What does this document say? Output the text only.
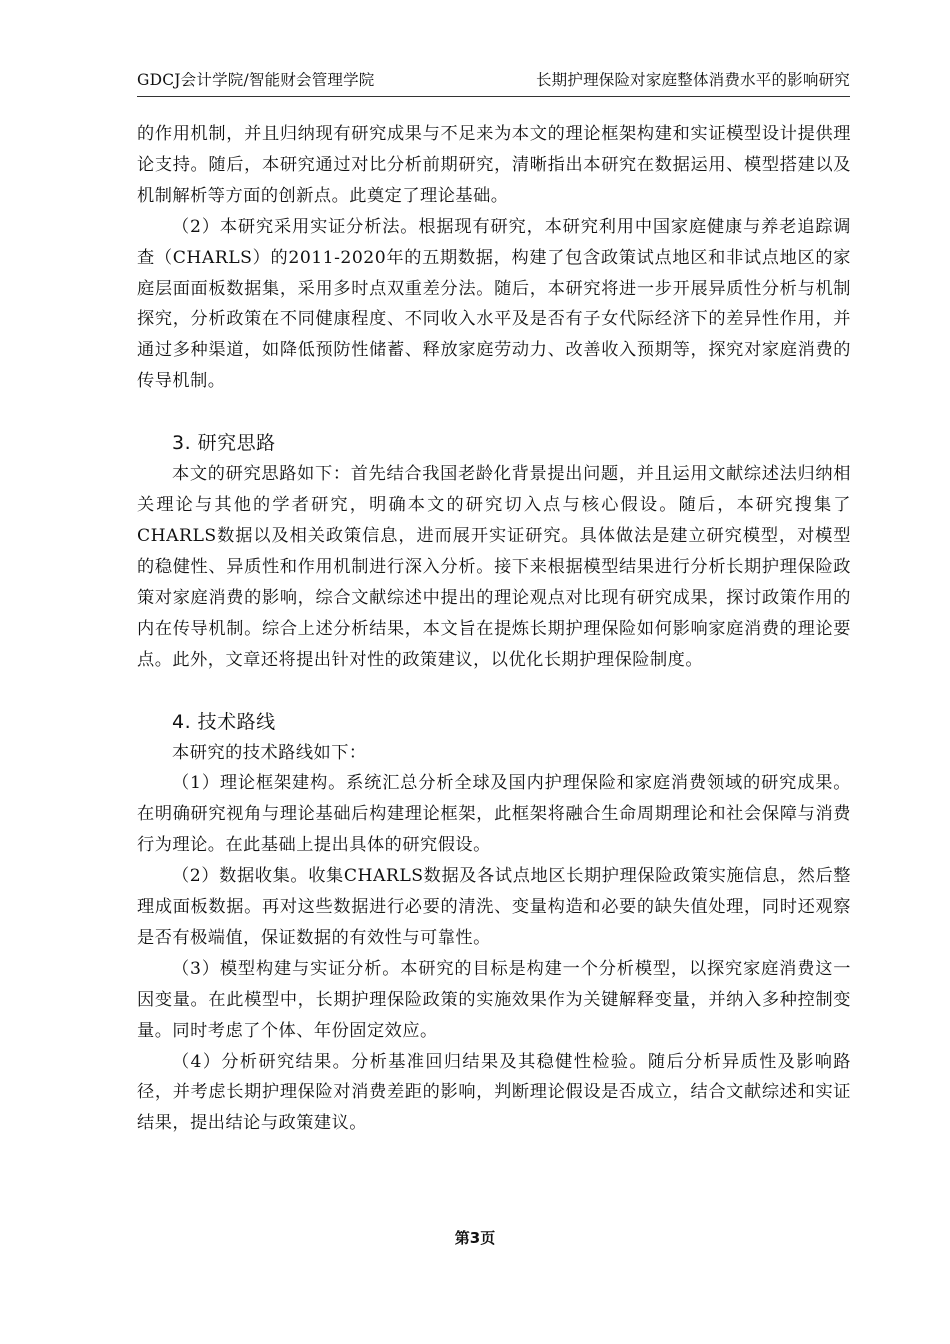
GDCJ会计学院/智能财会管理学院	长期护理保险对家庭整体消费水平的影响研究

的作用机制，并且归纳现有研究成果与不足来为本文的理论框架构建和实证模型设计提供理论支持。随后，本研究通过对比分析前期研究，清晰指出本研究在数据运用、模型搭建以及机制解析等方面的创新点。此奠定了理论基础。

（2）本研究采用实证分析法。根据现有研究，本研究利用中国家庭健康与养老追踪调查（CHARLS）的2011-2020年的五期数据，构建了包含政策试点地区和非试点地区的家庭层面面板数据集，采用多时点双重差分法。随后，本研究将进一步开展异质性分析与机制探究，分析政策在不同健康程度、不同收入水平及是否有子女代际经济下的差异性作用，并通过多种渠道，如降低预防性储蓄、释放家庭劳动力、改善收入预期等，探究对家庭消费的传导机制。

3. 研究思路

本文的研究思路如下：首先结合我国老龄化背景提出问题，并且运用文献综述法归纳相关理论与其他的学者研究，明确本文的研究切入点与核心假设。随后，本研究搜集了CHARLS数据以及相关政策信息，进而展开实证研究。具体做法是建立研究模型，对模型的稳健性、异质性和作用机制进行深入分析。接下来根据模型结果进行分析长期护理保险政策对家庭消费的影响，综合文献综述中提出的理论观点对比现有研究成果，探讨政策作用的内在传导机制。综合上述分析结果，本文旨在提炼长期护理保险如何影响家庭消费的理论要点。此外，文章还将提出针对性的政策建议，以优化长期护理保险制度。

4. 技术路线

本研究的技术路线如下：

（1）理论框架建构。系统汇总分析全球及国内护理保险和家庭消费领域的研究成果。在明确研究视角与理论基础后构建理论框架，此框架将融合生命周期理论和社会保障与消费行为理论。在此基础上提出具体的研究假设。

（2）数据收集。收集CHARLS数据及各试点地区长期护理保险政策实施信息，然后整理成面板数据。再对这些数据进行必要的清洗、变量构造和必要的缺失值处理，同时还观察是否有极端值，保证数据的有效性与可靠性。

（3）模型构建与实证分析。本研究的目标是构建一个分析模型，以探究家庭消费这一因变量。在此模型中，长期护理保险政策的实施效果作为关键解释变量，并纳入多种控制变量。同时考虑了个体、年份固定效应。

（4）分析研究结果。分析基准回归结果及其稳健性检验。随后分析异质性及影响路径，并考虑长期护理保险对消费差距的影响，判断理论假设是否成立，结合文献综述和实证结果，提出结论与政策建议。

第3页
